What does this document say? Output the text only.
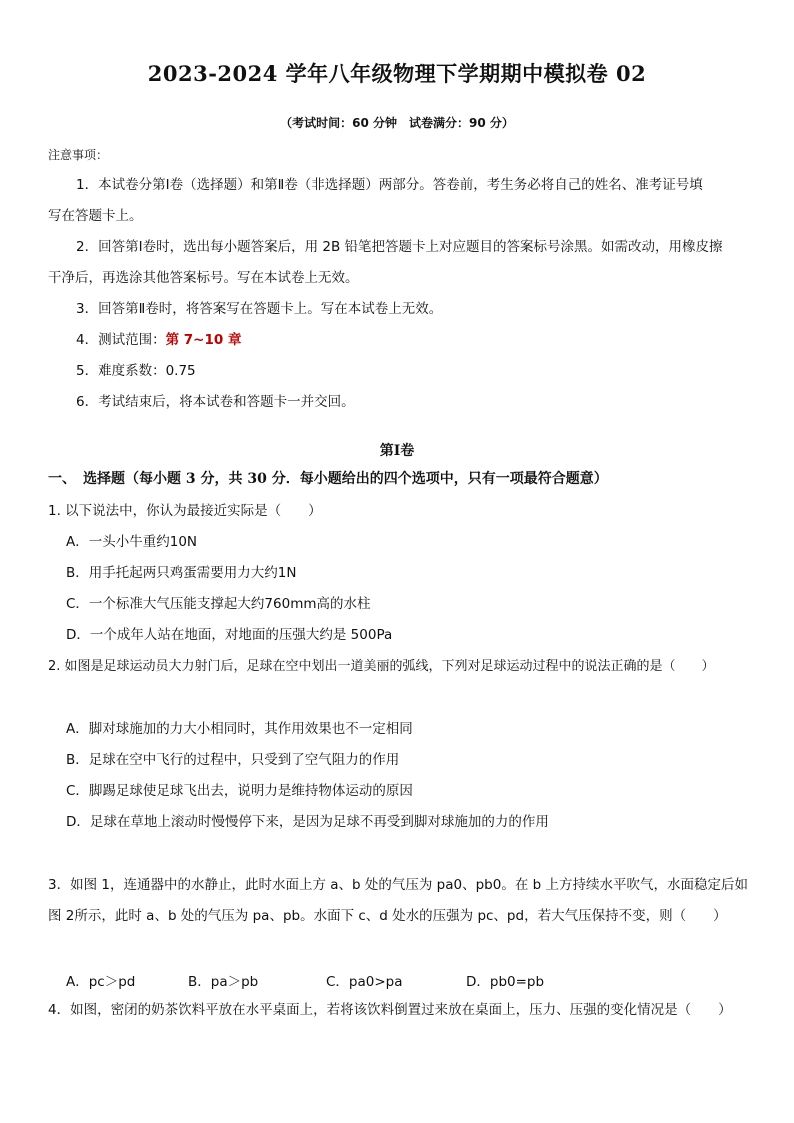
2023-2024 学年八年级物理下学期期中模拟卷 02
（考试时间：60 分钟　试卷满分：90 分）
注意事项：
1．本试卷分第Ⅰ卷（选择题）和第Ⅱ卷（非选择题）两部分。答卷前，考生务必将自己的姓名、准考证号填
写在答题卡上。
2．回答第Ⅰ卷时，选出每小题答案后，用 2B 铅笔把答题卡上对应题目的答案标号涂黑。如需改动，用橡皮擦
干净后，再选涂其他答案标号。写在本试卷上无效。
3．回答第Ⅱ卷时，将答案写在答题卡上。写在本试卷上无效。
4．测试范围：第 7~10 章
5．难度系数：0.75
6．考试结束后，将本试卷和答题卡一并交回。
第Ⅰ卷
一、　选择题（每小题 3 分，共 30 分．每小题给出的四个选项中，只有一项最符合题意）
1. 以下说法中，你认为最接近实际是（　　）
A．一头小牛重约10N
B．用手托起两只鸡蛋需要用力大约1N
C．一个标准大气压能支撑起大约760mm高的水柱
D．一个成年人站在地面，对地面的压强大约是 500Pa
2. 如图是足球运动员大力射门后，足球在空中划出一道美丽的弧线，下列对足球运动过程中的说法正确的是（　　）
A．脚对球施加的力大小相同时，其作用效果也不一定相同
B．足球在空中飞行的过程中，只受到了空气阻力的作用
C．脚踢足球使足球飞出去，说明力是维持物体运动的原因
D．足球在草地上滚动时慢慢停下来，是因为足球不再受到脚对球施加的力的作用
3．如图 1，连通器中的水静止，此时水面上方 a、b 处的气压为 pa0、pb0。在 b 上方持续水平吹气，水面稳定后如
图 2所示，此时 a、b 处的气压为 pa、pb。水面下 c、d 处水的压强为 pc、pd，若大气压保持不变，则（　　）
A．pc＞pd	B．pa＞pb	C．pa0>pa	D．pb0=pb
4．如图，密闭的奶茶饮料平放在水平桌面上，若将该饮料倒置过来放在桌面上，压力、压强的变化情况是（　　）
